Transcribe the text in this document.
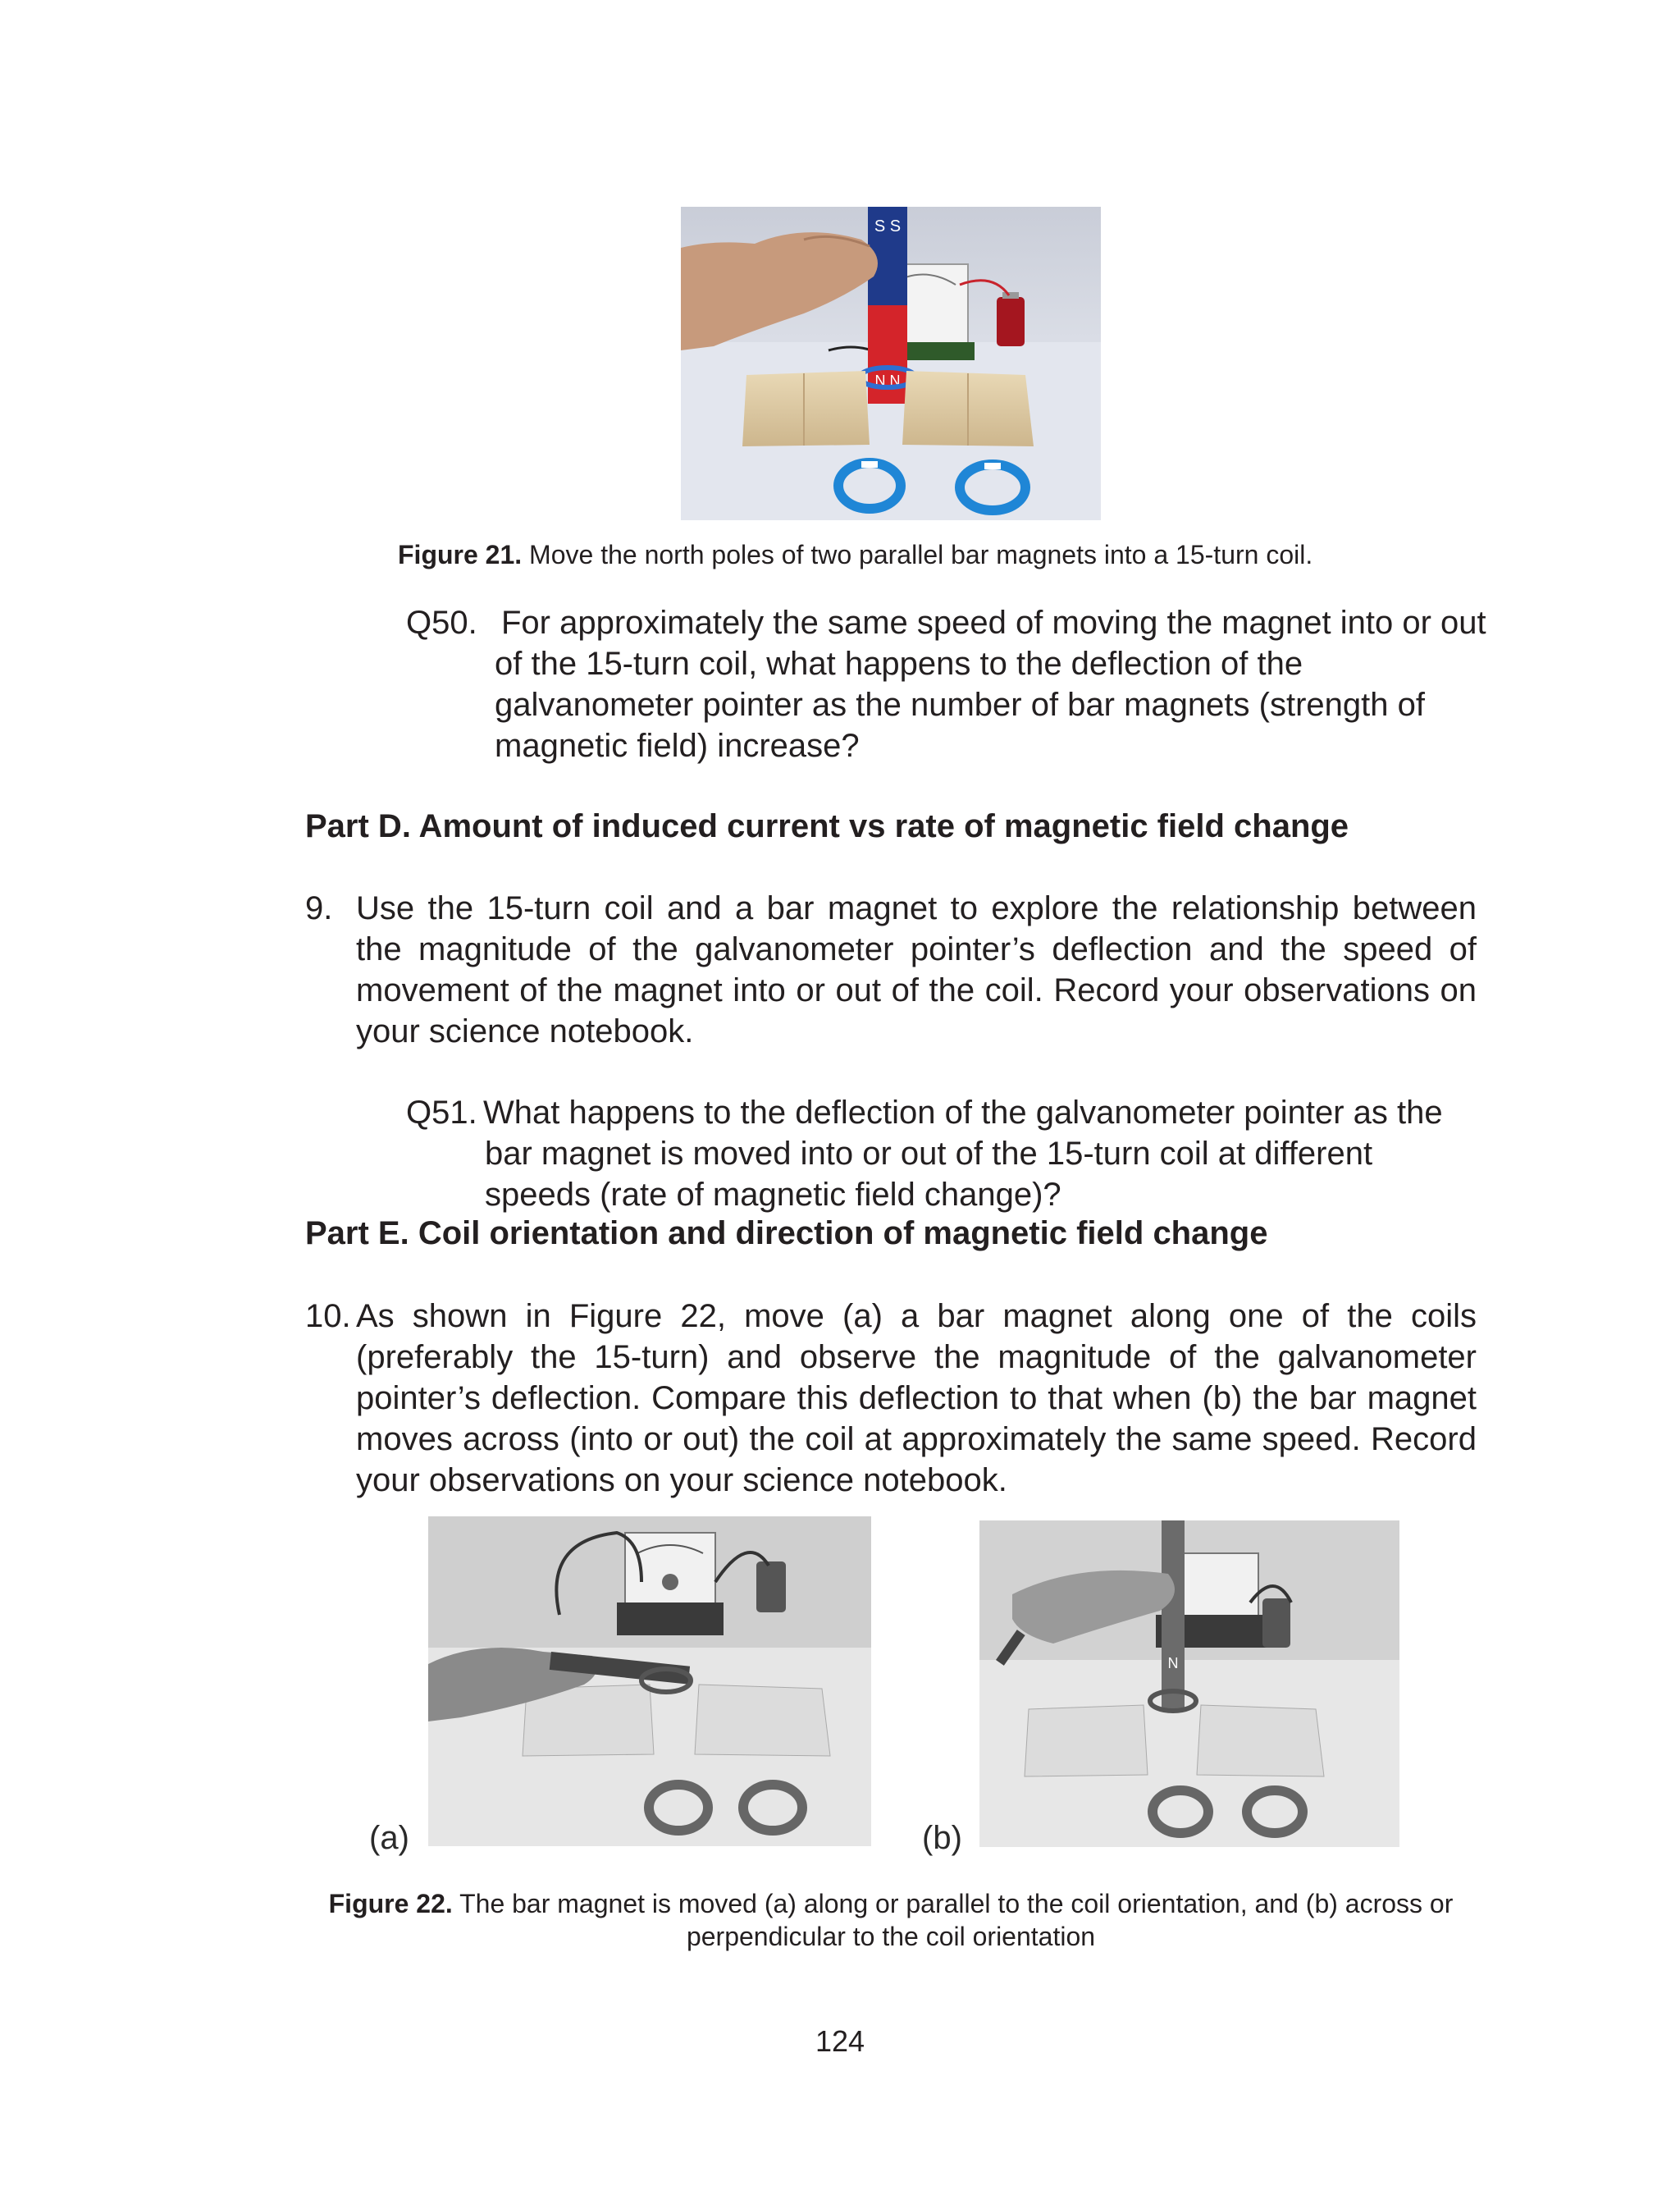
S S
N N
Figure 21. Move the north poles of two parallel bar magnets into a 15-turn coil.
Q50. For approximately the same speed of moving the magnet into or out of the 15-turn coil, what happens to the deflection of the galvanometer pointer as the number of bar magnets (strength of magnetic field) increase?
Part D. Amount of induced current vs rate of magnetic field change
9. Use the 15-turn coil and a bar magnet to explore the relationship between the magnitude of the galvanometer pointer’s deflection and the speed of movement of the magnet into or out of the coil. Record your observations on your science notebook.
Q51. What happens to the deflection of the galvanometer pointer as the bar magnet is moved into or out of the 15-turn coil at different speeds (rate of magnetic field change)?
Part E. Coil orientation and direction of magnetic field change
10. As shown in Figure 22, move (a) a bar magnet along one of the coils (preferably the 15-turn) and observe the magnitude of the galvanometer pointer’s deflection. Compare this deflection to that when (b) the bar magnet moves across (into or out) the coil at approximately the same speed. Record your observations on your science notebook.
N
(a)	(b)
Figure 22. The bar magnet is moved (a) along or parallel to the coil orientation, and (b) across or perpendicular to the coil orientation
124
